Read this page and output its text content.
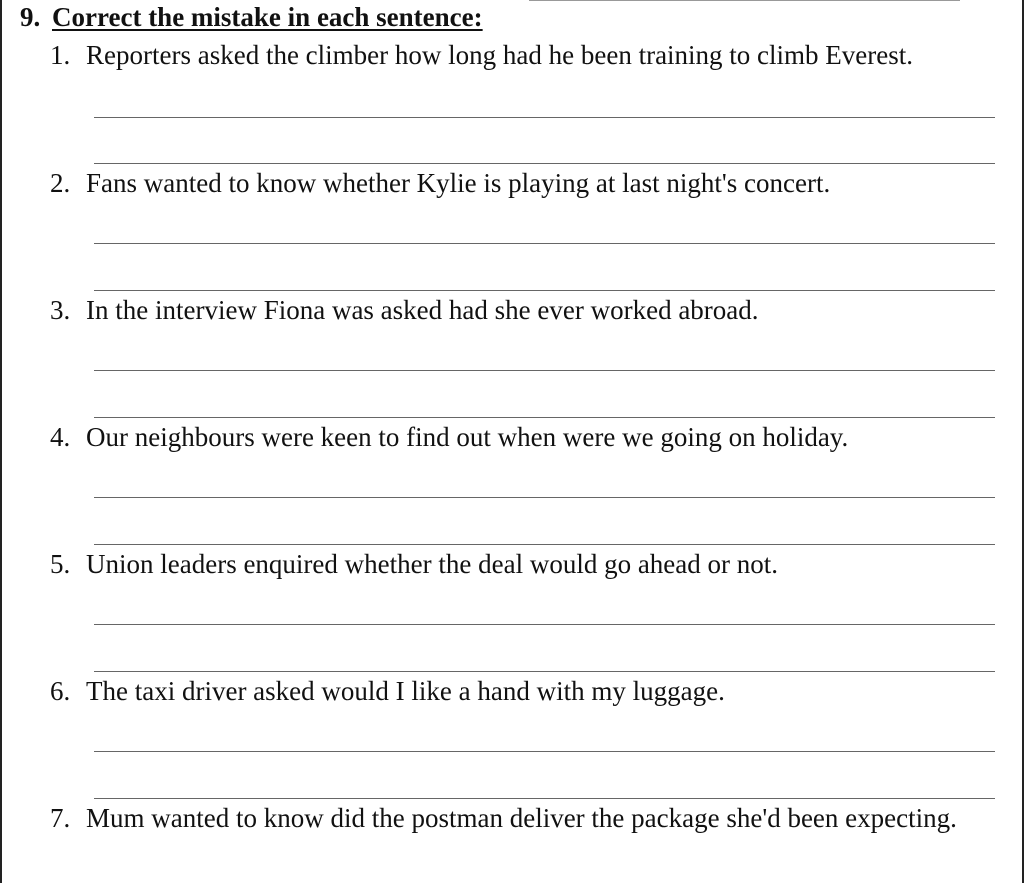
9. Correct the mistake in each sentence:
1. Reporters asked the climber how long had he been training to climb Everest.
2. Fans wanted to know whether Kylie is playing at last night's concert.
3. In the interview Fiona was asked had she ever worked abroad.
4. Our neighbours were keen to find out when were we going on holiday.
5. Union leaders enquired whether the deal would go ahead or not.
6. The taxi driver asked would I like a hand with my luggage.
7. Mum wanted to know did the postman deliver the package she'd been expecting.
